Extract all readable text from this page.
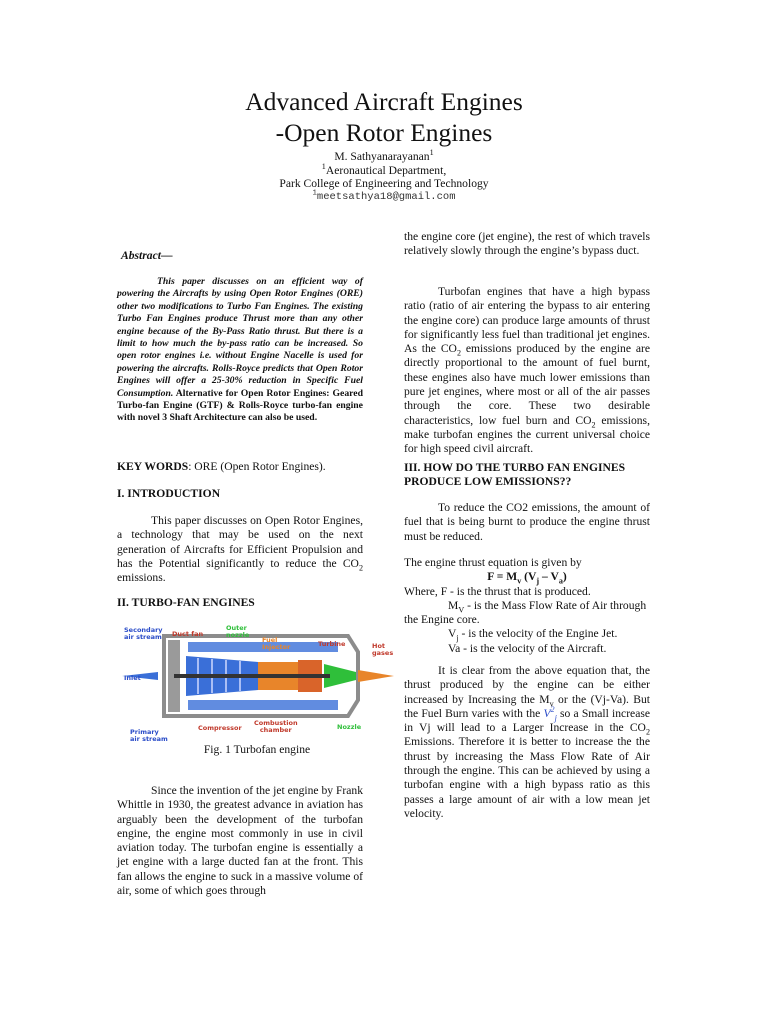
Advanced Aircraft Engines
-Open Rotor Engines
M. Sathyanarayanan$^1$
$^1$Aeronautical Department,
Park College of Engineering and Technology
$^1$meetsathya18@gmail.com
Abstract—

This paper discusses on an efficient way of powering the Aircrafts by using Open Rotor Engines (ORE) other two modifications to Turbo Fan Engines. The existing Turbo Fan Engines produce Thrust more than any other engine because of the By-Pass Ratio thrust. But there is a limit to how much the by-pass ratio can be increased. So open rotor engines i.e. without Engine Nacelle is used for powering the aircrafts. Rolls-Royce predicts that Open Rotor Engines will offer a 25-30% reduction in Specific Fuel Consumption. Alternative for Open Rotor Engines: Geared Turbo-fan Engine (GTF) & Rolls-Royce turbo-fan engine with novel 3 Shaft Architecture can also be used.

KEY WORDS: ORE (Open Rotor Engines).

I. INTRODUCTION

This paper discusses on Open Rotor Engines, a technology that may be used on the next generation of Aircrafts for Efficient Propulsion and has the Potential significantly to reduce the $CO_2$ emissions.

II. TURBO-FAN ENGINES

Secondary
air stream Duct fan
Outer
nozzle
Fuel
Injector	Turbine	Hot
gases
Inlet
Primary
air stream
Compressor
Combustion
chamber	Nozzle
Fig. 1 Turbofan engine

Since the invention of the jet engine by Frank Whittle in 1930, the greatest advance in aviation has arguably been the development of the turbofan engine, the engine most commonly in use in civil aviation today. The turbofan engine is essentially a jet engine with a large ducted fan at the front. This fan allows the engine to suck in a massive volume of air, some of which goes through

the engine core (jet engine), the rest of which travels relatively slowly through the engine’s bypass duct.

Turbofan engines that have a high bypass ratio (ratio of air entering the bypass to air entering the engine core) can produce large amounts of thrust for significantly less fuel than traditional jet engines. As the $CO_2$ emissions produced by the engine are directly proportional to the amount of fuel burnt, these engines also have much lower emissions than pure jet engines, where most or all of the air passes through the core. These two desirable characteristics, low fuel burn and $CO_2$ emissions, make turbofan engines the current universal choice for high speed civil aircraft.

III. HOW DO THE TURBO FAN ENGINES PRODUCE LOW EMISSIONS??

To reduce the CO2 emissions, the amount of fuel that is being burnt to produce the engine thrust must be reduced.

The engine thrust equation is given by

$F = M_v$ $(V_j - V_a)$

Where, F - is the thrust that is produced.

$M_V$ - is the Mass Flow Rate of Air through the Engine core.

$V_j$ - is the velocity of the Engine Jet.

Va - is the velocity of the Aircraft.

It is clear from the above equation that, the thrust produced by the engine can be either increased by Increasing the $M_v$ or the (Vj-Va). But the Fuel Burn varies with the $V^2_j$ so a Small increase in Vj will lead to a Larger Increase in the $CO_2$ Emissions. Therefore it is better to increase the the thrust by increasing the Mass Flow Rate of Air through the engine. This can be achieved by using a turbofan engine with a high bypass ratio as this passes a large amount of air with a low mean jet velocity.
